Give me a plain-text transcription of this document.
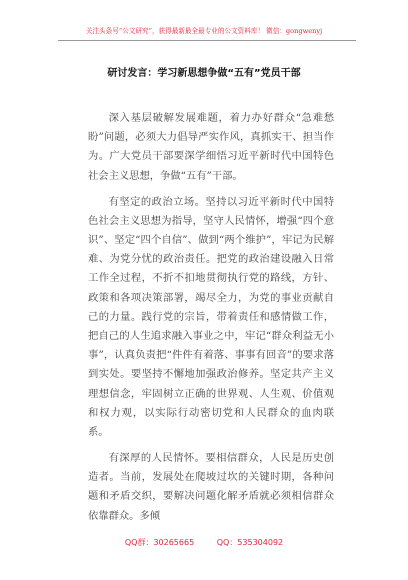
关注头条号“公文研究”，获得最新最全最专业的公文资料库！ 微信：gongwenyj
研讨发言：学习新思想争做“五有”党员干部

深入基层破解发展难题，着力办好群众“急难愁盼”问题，必须大力倡导严实作风，真抓实干、担当作为。广大党员干部要深学细悟习近平新时代中国特色社会主义思想，争做“五有”干部。

有坚定的政治立场。坚持以习近平新时代中国特色社会主义思想为指导，坚守人民情怀，增强“四个意识”、坚定“四个自信”、做到“两个维护”，牢记为民解难、为党分忧的政治责任。把党的政治建设融入日常工作全过程，不折不扣地贯彻执行党的路线，方针、政策和各项决策部署，竭尽全力，为党的事业贡献自己的力量。践行党的宗旨，带着责任和感情做工作，把自己的人生追求融入事业之中，牢记“群众利益无小事”，认真负责把“件件有着落、事事有回音”的要求落到实处。要坚持不懈地加强政治修养。坚定共产主义理想信念，牢固树立正确的世界观、人生观、价值观和权力观，以实际行动密切党和人民群众的血肉联系。

有深厚的人民情怀。要相信群众，人民是历史创造者。当前，发展处在爬坡过坎的关键时期，各种问题和矛盾交织，要解决问题化解矛盾就必须相信群众依靠群众。多倾

QQ群：30265665	QQ：535304092
